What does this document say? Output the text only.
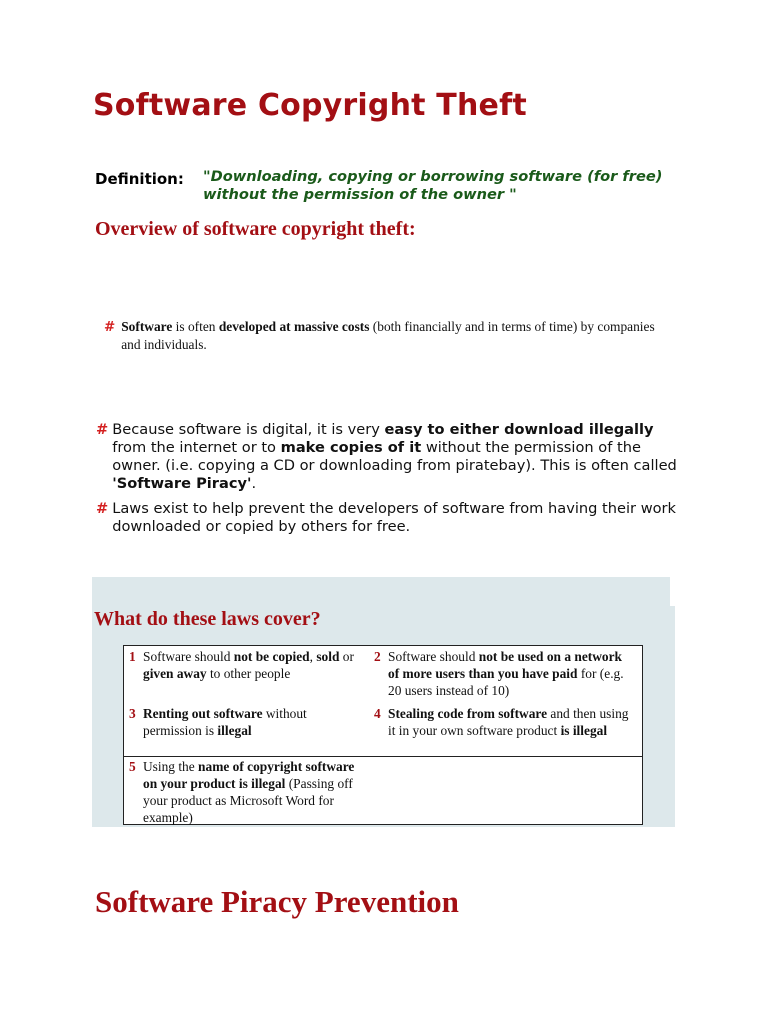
Software Copyright Theft
Definition: "Downloading, copying or borrowing software (for free) without the permission of the owner "
Overview of software copyright theft:
# Software is often developed at massive costs (both financially and in terms of time) by companies and individuals.
# Because software is digital, it is very easy to either download illegally from the internet or to make copies of it without the permission of the owner. (i.e. copying a CD or downloading from piratebay). This is often called 'Software Piracy'.
# Laws exist to help prevent the developers of software from having their work downloaded or copied by others for free.
What do these laws cover?
1 Software should not be copied, sold or given away to other people
2 Software should not be used on a network of more users than you have paid for (e.g. 20 users instead of 10)
3 Renting out software without permission is illegal
4 Stealing code from software and then using it in your own software product is illegal
5 Using the name of copyright software on your product is illegal (Passing off your product as Microsoft Word for example)
Software Piracy Prevention
